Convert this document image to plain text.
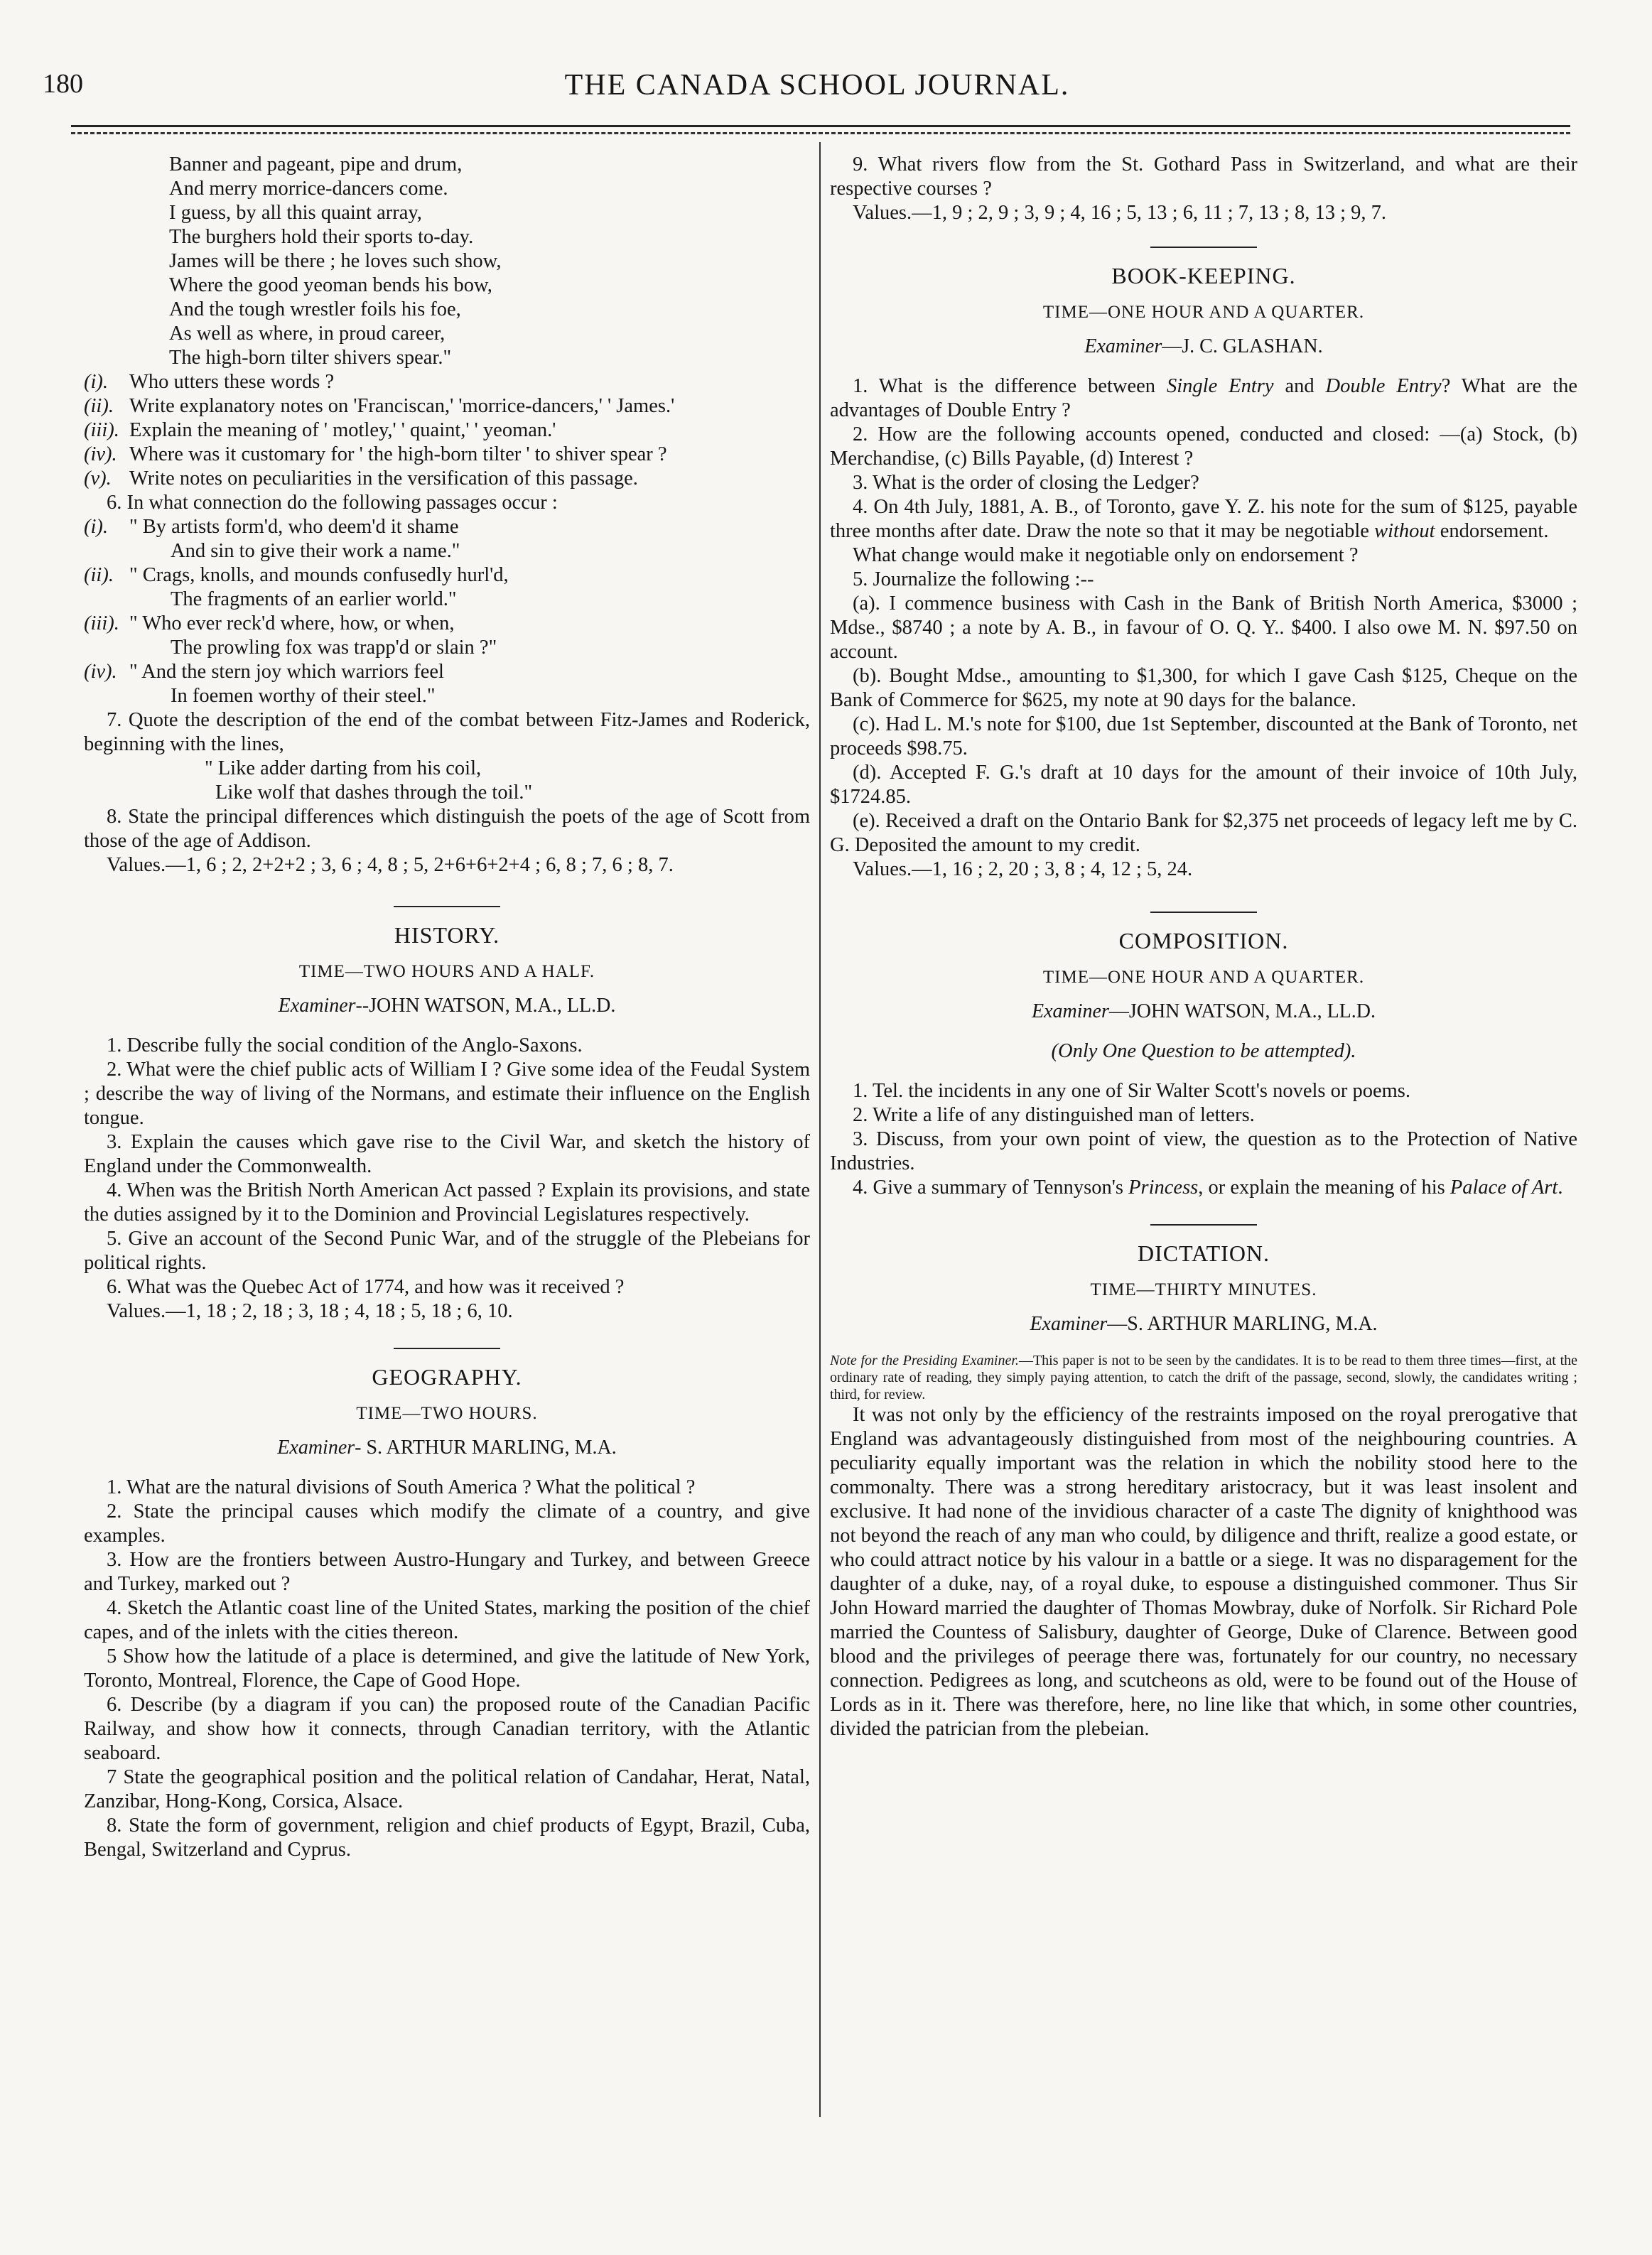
180	THE CANADA SCHOOL JOURNAL.
Banner and pageant, pipe and drum,
And merry morrice-dancers come.
I guess, by all this quaint array,
The burghers hold their sports to-day.
James will be there ; he loves such show,
Where the good yeoman bends his bow,
And the tough wrestler foils his foe,
As well as where, in proud career,
The high-born tilter shivers spear."

(i). Who utters these words ?

(ii). Write explanatory notes on 'Franciscan,' 'morrice-dancers,' ' James.'

(iii). Explain the meaning of ' motley,' ' quaint,' ' yeoman.'

(iv). Where was it customary for ' the high-born tilter ' to shiver spear ?

(v). Write notes on peculiarities in the versification of this passage.

6. In what connection do the following passages occur :

(i). " By artists form'd, who deem'd it shame

And sin to give their work a name."

(ii). " Crags, knolls, and mounds confusedly hurl'd,

The fragments of an earlier world."

(iii). " Who ever reck'd where, how, or when,

The prowling fox was trapp'd or slain ?"

(iv). " And the stern joy which warriors feel

In foemen worthy of their steel."

7. Quote the description of the end of the combat between Fitz-James and Roderick, beginning with the lines,

" Like adder darting from his coil,

Like wolf that dashes through the toil."

8. State the principal differences which distinguish the poets of the age of Scott from those of the age of Addison.

Values.—1, 6 ; 2, 2+2+2 ; 3, 6 ; 4, 8 ; 5, 2+6+6+2+4 ; 6, 8 ; 7, 6 ; 8, 7.

HISTORY.
TIME—TWO HOURS AND A HALF.
Examiner--JOHN WATSON, M.A., LL.D.

1. Describe fully the social condition of the Anglo-Saxons.

2. What were the chief public acts of William I ? Give some idea of the Feudal System ; describe the way of living of the Normans, and estimate their influence on the English tongue.

3. Explain the causes which gave rise to the Civil War, and sketch the history of England under the Commonwealth.

4. When was the British North American Act passed ? Explain its provisions, and state the duties assigned by it to the Dominion and Provincial Legislatures respectively.

5. Give an account of the Second Punic War, and of the struggle of the Plebeians for political rights.

6. What was the Quebec Act of 1774, and how was it received ?

Values.—1, 18 ; 2, 18 ; 3, 18 ; 4, 18 ; 5, 18 ; 6, 10.

GEOGRAPHY.
TIME—TWO HOURS.
Examiner- S. ARTHUR MARLING, M.A.

1. What are the natural divisions of South America ? What the political ?

2. State the principal causes which modify the climate of a country, and give examples.

3. How are the frontiers between Austro-Hungary and Turkey, and between Greece and Turkey, marked out ?

4. Sketch the Atlantic coast line of the United States, marking the position of the chief capes, and of the inlets with the cities thereon.

5 Show how the latitude of a place is determined, and give the latitude of New York, Toronto, Montreal, Florence, the Cape of Good Hope.

6. Describe (by a diagram if you can) the proposed route of the Canadian Pacific Railway, and show how it connects, through Canadian territory, with the Atlantic seaboard.

7 State the geographical position and the political relation of Candahar, Herat, Natal, Zanzibar, Hong-Kong, Corsica, Alsace.

8. State the form of government, religion and chief products of Egypt, Brazil, Cuba, Bengal, Switzerland and Cyprus.

9. What rivers flow from the St. Gothard Pass in Switzerland, and what are their respective courses ?

Values.—1, 9 ; 2, 9 ; 3, 9 ; 4, 16 ; 5, 13 ; 6, 11 ; 7, 13 ; 8, 13 ; 9, 7.

BOOK-KEEPING.
TIME—ONE HOUR AND A QUARTER.
Examiner—J. C. GLASHAN.

1. What is the difference between Single Entry and Double Entry? What are the advantages of Double Entry ?

2. How are the following accounts opened, conducted and closed: —(a) Stock, (b) Merchandise, (c) Bills Payable, (d) Interest ?

3. What is the order of closing the Ledger?

4. On 4th July, 1881, A. B., of Toronto, gave Y. Z. his note for the sum of $125, payable three months after date. Draw the note so that it may be negotiable without endorsement.

What change would make it negotiable only on endorsement ?

5. Journalize the following :--

(a). I commence business with Cash in the Bank of British North America, $3000 ; Mdse., $8740 ; a note by A. B., in favour of O. Q. Y.. $400. I also owe M. N. $97.50 on account.

(b). Bought Mdse., amounting to $1,300, for which I gave Cash $125, Cheque on the Bank of Commerce for $625, my note at 90 days for the balance.

(c). Had L. M.'s note for $100, due 1st September, discounted at the Bank of Toronto, net proceeds $98.75.

(d). Accepted F. G.'s draft at 10 days for the amount of their invoice of 10th July, $1724.85.

(e). Received a draft on the Ontario Bank for $2,375 net proceeds of legacy left me by C. G. Deposited the amount to my credit.

Values.—1, 16 ; 2, 20 ; 3, 8 ; 4, 12 ; 5, 24.

COMPOSITION.
TIME—ONE HOUR AND A QUARTER.
Examiner—JOHN WATSON, M.A., LL.D.
(Only One Question to be attempted).

1. Tel. the incidents in any one of Sir Walter Scott's novels or poems.

2. Write a life of any distinguished man of letters.

3. Discuss, from your own point of view, the question as to the Protection of Native Industries.

4. Give a summary of Tennyson's Princess, or explain the meaning of his Palace of Art.

DICTATION.
TIME—THIRTY MINUTES.
Examiner—S. ARTHUR MARLING, M.A.

Note for the Presiding Examiner.—This paper is not to be seen by the candidates. It is to be read to them three times—first, at the ordinary rate of reading, they simply paying attention, to catch the drift of the passage, second, slowly, the candidates writing ; third, for review.

It was not only by the efficiency of the restraints imposed on the royal prerogative that England was advantageously distinguished from most of the neighbouring countries. A peculiarity equally important was the relation in which the nobility stood here to the commonalty. There was a strong hereditary aristocracy, but it was least insolent and exclusive. It had none of the invidious character of a caste The dignity of knighthood was not beyond the reach of any man who could, by diligence and thrift, realize a good estate, or who could attract notice by his valour in a battle or a siege. It was no disparagement for the daughter of a duke, nay, of a royal duke, to espouse a distinguished commoner. Thus Sir John Howard married the daughter of Thomas Mowbray, duke of Norfolk. Sir Richard Pole married the Countess of Salisbury, daughter of George, Duke of Clarence. Between good blood and the privileges of peerage there was, fortunately for our country, no necessary connection. Pedigrees as long, and scutcheons as old, were to be found out of the House of Lords as in it. There was therefore, here, no line like that which, in some other countries, divided the patrician from the plebeian.
